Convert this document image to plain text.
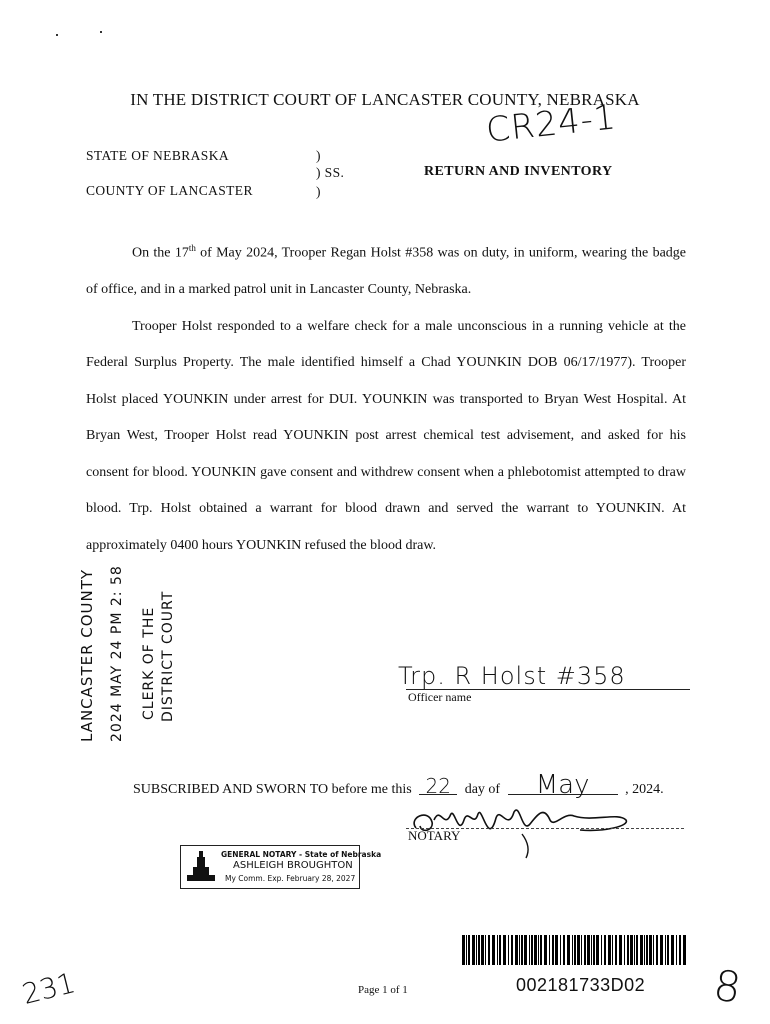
IN THE DISTRICT COURT OF LANCASTER COUNTY, NEBRASKA
CR24-1
STATE OF NEBRASKA
COUNTY OF LANCASTER
)
) SS.
)
RETURN AND INVENTORY

On the 17th of May 2024, Trooper Regan Holst #358 was on duty, in uniform, wearing the badge of office, and in a marked patrol unit in Lancaster County, Nebraska.

Trooper Holst responded to a welfare check for a male unconscious in a running vehicle at the Federal Surplus Property. The male identified himself a Chad YOUNKIN DOB 06/17/1977). Trooper Holst placed YOUNKIN under arrest for DUI. YOUNKIN was transported to Bryan West Hospital. At Bryan West, Trooper Holst read YOUNKIN post arrest chemical test advisement, and asked for his consent for blood. YOUNKIN gave consent and withdrew consent when a phlebotomist attempted to draw blood. Trp. Holst obtained a warrant for blood drawn and served the warrant to YOUNKIN. At approximately 0400 hours YOUNKIN refused the blood draw.

LANCASTER COUNTY 2024 MAY 24 PM 2: 58 CLERK OF THE DISTRICT COURT	Trp. R Holst #358
Officer name
SUBSCRIBED AND SWORN TO before me this 22 day of May	, 2024.
NOTARY
GENERAL NOTARY - State of Nebraska
ASHLEIGH BROUGHTON
My Comm. Exp. February 28, 2027
002181733D02
Page 1 of 1
231	8
